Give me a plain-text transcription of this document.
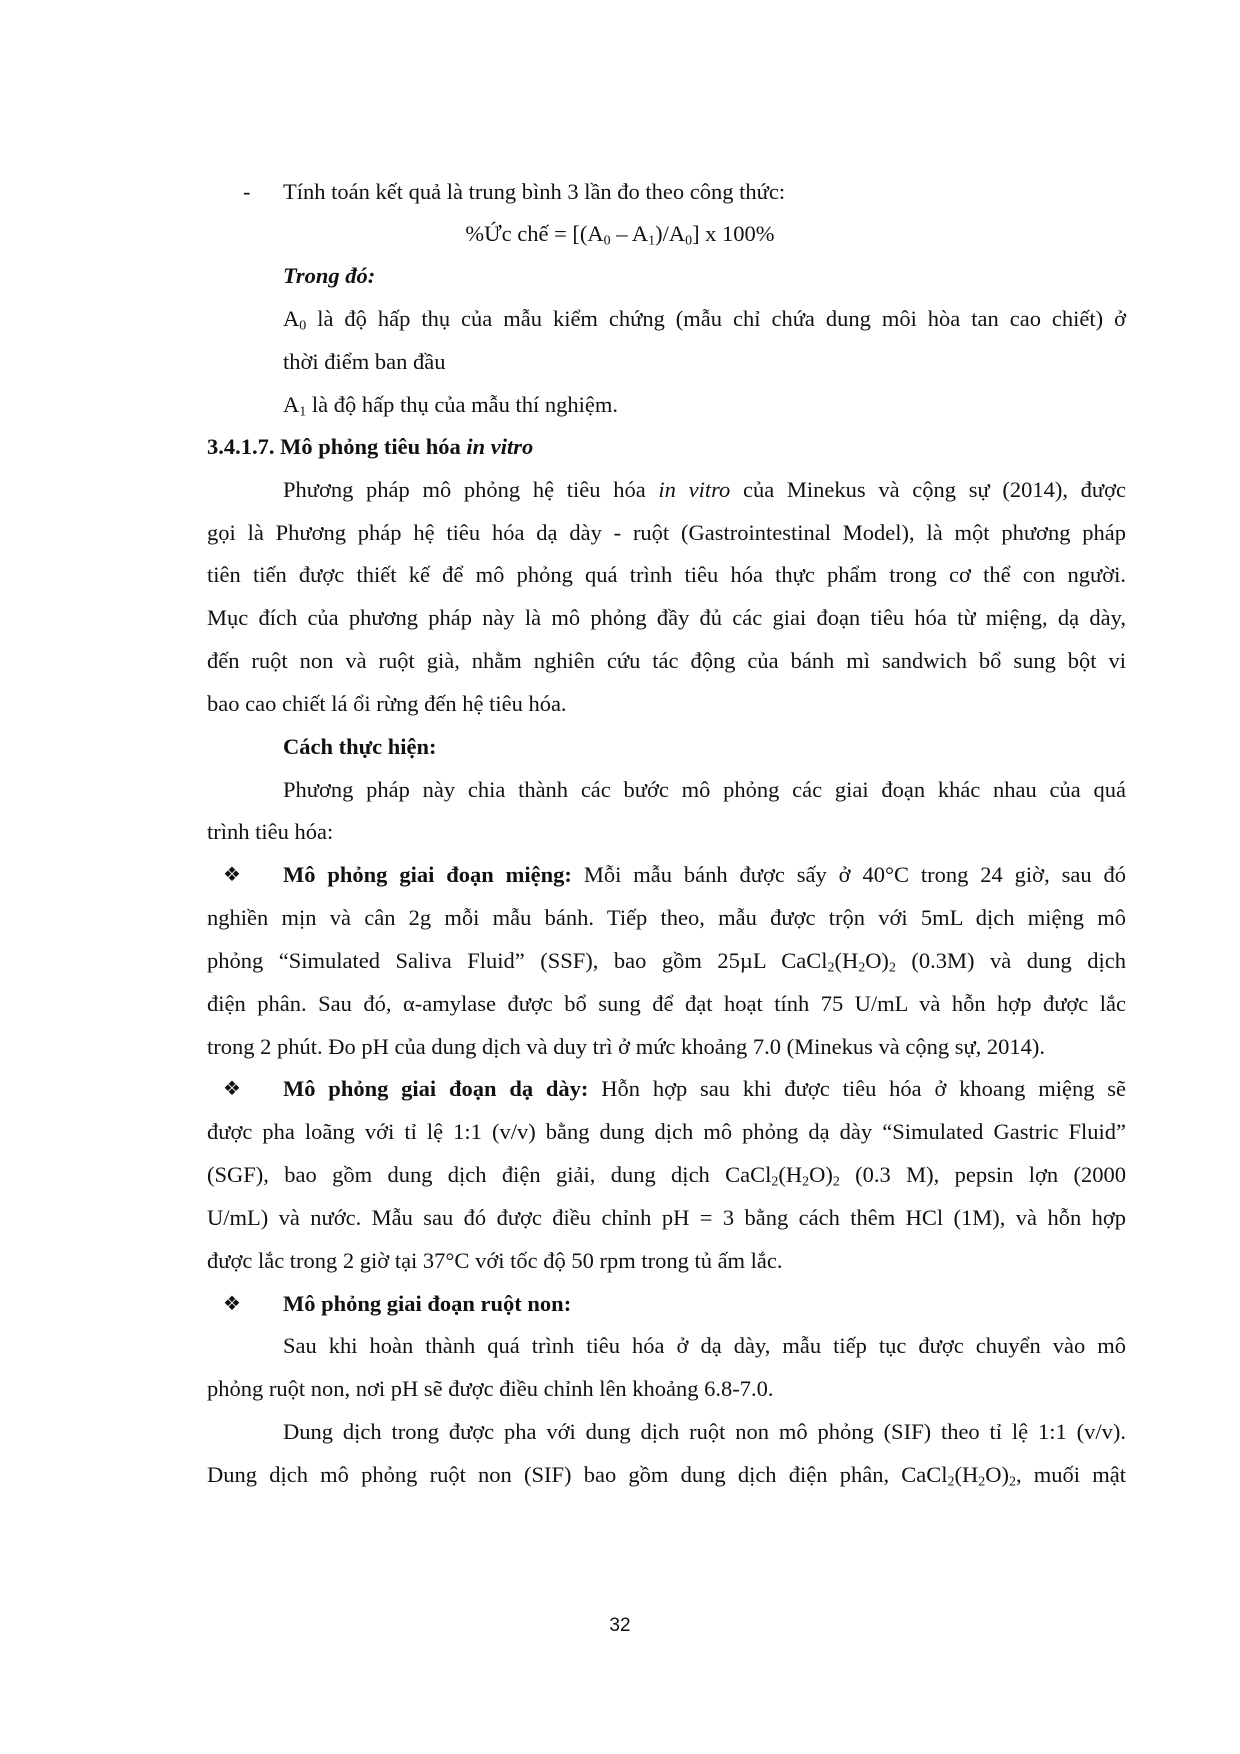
- Tính toán kết quả là trung bình 3 lần đo theo công thức:
%Ức chế = $[(A_0 - A_1)/A_0]$ x 100%
Trong đó:
$A_0$ là độ hấp thụ của mẫu kiểm chứng (mẫu chỉ chứa dung môi hòa tan cao chiết) ở
thời điểm ban đầu
$A_1$ là độ hấp thụ của mẫu thí nghiệm.
3.4.1.7. Mô phỏng tiêu hóa in vitro
Phương pháp mô phỏng hệ tiêu hóa in vitro của Minekus và cộng sự (2014), được
gọi là Phương pháp hệ tiêu hóa dạ dày - ruột (Gastrointestinal Model), là một phương pháp
tiên tiến được thiết kế để mô phỏng quá trình tiêu hóa thực phẩm trong cơ thể con người.
Mục đích của phương pháp này là mô phỏng đầy đủ các giai đoạn tiêu hóa từ miệng, dạ dày,
đến ruột non và ruột già, nhằm nghiên cứu tác động của bánh mì sandwich bổ sung bột vi
bao cao chiết lá ổi rừng đến hệ tiêu hóa.
Cách thực hiện:
Phương pháp này chia thành các bước mô phỏng các giai đoạn khác nhau của quá
trình tiêu hóa:
❖ Mô phỏng giai đoạn miệng: Mỗi mẫu bánh được sấy ở 40°C trong 24 giờ, sau đó
nghiền mịn và cân 2g mỗi mẫu bánh. Tiếp theo, mẫu được trộn với 5mL dịch miệng mô
phỏng “Simulated Saliva Fluid” (SSF), bao gồm 25µL $CaCl_2(H_2O)_2$ (0.3M) và dung dịch
điện phân. Sau đó, α-amylase được bổ sung để đạt hoạt tính 75 U/mL và hỗn hợp được lắc
trong 2 phút. Đo pH của dung dịch và duy trì ở mức khoảng 7.0 (Minekus và cộng sự, 2014).
❖ Mô phỏng giai đoạn dạ dày: Hỗn hợp sau khi được tiêu hóa ở khoang miệng sẽ
được pha loãng với tỉ lệ 1:1 (v/v) bằng dung dịch mô phỏng dạ dày “Simulated Gastric Fluid”
(SGF), bao gồm dung dịch điện giải, dung dịch $CaCl_2(H_2O)_2$ (0.3 M), pepsin lợn (2000
U/mL) và nước. Mẫu sau đó được điều chỉnh pH = 3 bằng cách thêm HCl (1M), và hỗn hợp
được lắc trong 2 giờ tại 37°C với tốc độ 50 rpm trong tủ ấm lắc.
❖ Mô phỏng giai đoạn ruột non:
Sau khi hoàn thành quá trình tiêu hóa ở dạ dày, mẫu tiếp tục được chuyển vào mô
phỏng ruột non, nơi pH sẽ được điều chỉnh lên khoảng 6.8-7.0.
Dung dịch trong được pha với dung dịch ruột non mô phỏng (SIF) theo tỉ lệ 1:1 (v/v).
Dung dịch mô phỏng ruột non (SIF) bao gồm dung dịch điện phân, $CaCl_2(H_2O)_2$, muối mật
32
